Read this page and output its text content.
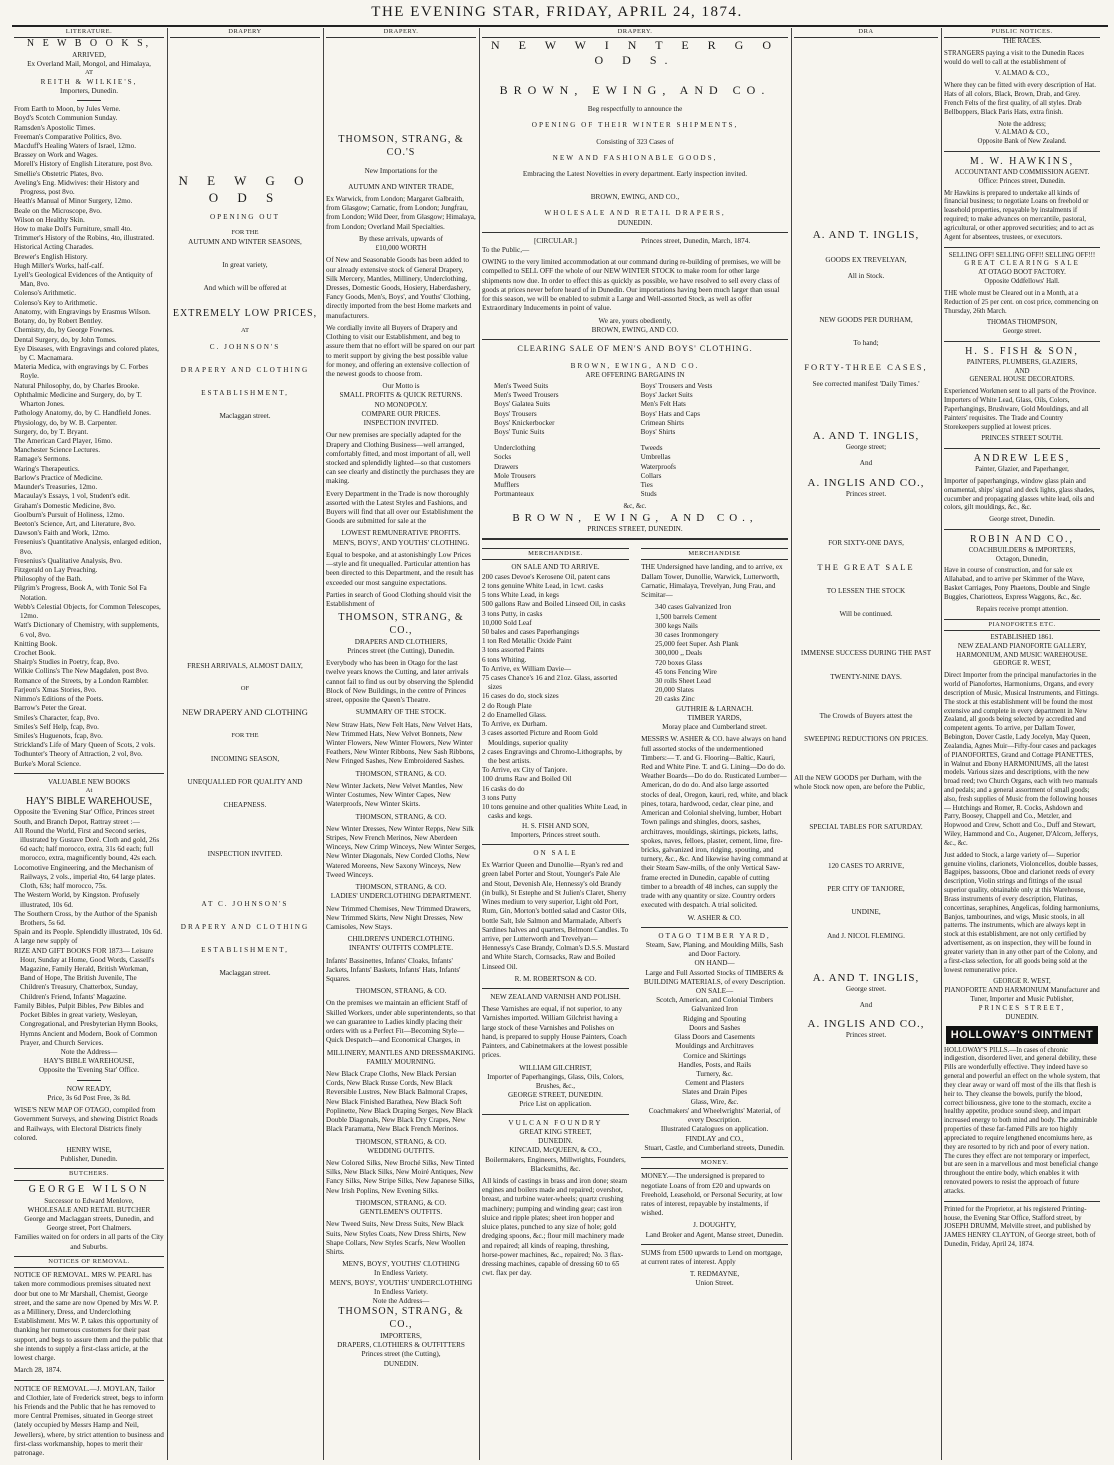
THE EVENING STAR, FRIDAY, APRIL 24, 1874.
LITERATURE.	DRAPERY	DRAPERY.	DRAPERY.	DRA	PUBLIC NOTICES.
N E W B O O K S,
ARRIVED,
Ex Overland Mail, Mongol, and Himalaya,
AT
REITH & WILKIE'S,
Importers, Dunedin.
From Earth to Moon, by Jules Verne.
Boyd's Scotch Communion Sunday.
Ramsden's Apostolic Times.
Freeman's Comparative Politics, 8vo.
Macduff's Healing Waters of Israel, 12mo.
Brassey on Work and Wages.
Morell's History of English Literature, post 8vo.
Smellie's Obstetric Plates, 8vo.
Aveling's Eng. Midwives: their History and Progress, post 8vo.
Heath's Manual of Minor Surgery, 12mo.
Beale on the Microscope, 8vo.
Wilson on Healthy Skin.
How to make Doll's Furniture, small 4to.
Trimmer's History of the Robins, 4to, illustrated.
Historical Acting Charades.
Brewer's English History.
Hugh Miller's Works, half-calf.
Lyell's Geological Evidences of the Antiquity of Man, 8vo.
Colenso's Arithmetic.
Colenso's Key to Arithmetic.
Anatomy, with Engravings by Erasmus Wilson.
Botany, do, by Robert Bentley.
Chemistry, do, by George Fownes.
Dental Surgery, do, by John Tomes.
Eye Diseases, with Engravings and colored plates, by C. Macnamara.
Materia Medica, with engravings by C. Forbes Royle.
Natural Philosophy, do, by Charles Brooke.
Ophthalmic Medicine and Surgery, do, by T. Wharton Jones.
Pathology Anatomy, do, by C. Handfield Jones.
Physiology, do, by W. B. Carpenter.
Surgery, do, by T. Bryant.
The American Card Player, 16mo.
Manchester Science Lectures.
Ramage's Sermons.
Waring's Therapeutics.
Barlow's Practice of Medicine.
Maunder's Treasuries, 12mo.
Macaulay's Essays, 1 vol, Student's edit.
Graham's Domestic Medicine, 8vo.
Goolburn's Pursuit of Holiness, 12mo.
Beeton's Science, Art, and Literature, 8vo.
Dawson's Faith and Work, 12mo.
Fresenius's Quantitative Analysis, enlarged edition, 8vo.
Fresenius's Qualitative Analysis, 8vo.
Fitzgerald on Lay Preaching.
Philosophy of the Bath.
Pilgrim's Progress, Book A, with Tonic Sol Fa Notation.
Webb's Celestial Objects, for Common Telescopes, 12mo.
Watt's Dictionary of Chemistry, with supplements, 6 vol, 8vo.
Knitting Book.
Crochet Book.
Shairp's Studies in Poetry, fcap, 8vo.
Wilkie Collins's The New Magdalen, post 8vo.
Romance of the Streets, by a London Rambler.
Farjeon's Xmas Stories, 8vo.
Nimmo's Editions of the Poets.
Barrow's Peter the Great.
Smiles's Character, fcap, 8vo.
Smiles's Self Help, fcap, 8vo.
Smiles's Huguenots, fcap, 8vo.
Strickland's Life of Mary Queen of Scots, 2 vols.
Todhunter's Theory of Attraction, 2 vol, 8vo.
Burke's Moral Science.
VALUABLE NEW BOOKS
At
HAY'S BIBLE WAREHOUSE,
Opposite the 'Evening Star' Office, Princes street South, and Branch Depot, Rattray street :—
All Round the World, First and Second series, illustrated by Gustave Doré. Cloth and gold, 26s 6d each; half morocco, extra, 31s 6d each; full morocco, extra, magnificently bound, 42s each.
Locomotive Engineering, and the Mechanism of Railways, 2 vols., imperial 4to, 64 large plates. Cloth, 63s; half morocco, 75s.
The Western World, by Kingston. Profusely illustrated, 10s 6d.
The Southern Cross, by the Author of the Spanish Brothers, 5s 6d.
Spain and its People. Splendidly illustrated, 10s 6d.
A large new supply of
RIZE AND GIFT BOOKS FOR 1873— Leisure Hour, Sunday at Home, Good Words, Cassell's Magazine, Family Herald, British Workman, Band of Hope, The British Juvenile, The Children's Treasury, Chatterbox, Sunday, Children's Friend, Infants' Magazine.
Family Bibles, Pulpit Bibles, Pew Bibles and Pocket Bibles in great variety, Wesleyan, Congregational, and Presbyterian Hymn Books, Hymns Ancient and Modern, Book of Common Prayer, and Church Services.
Note the Address—
HAY'S BIBLE WAREHOUSE,
Opposite the 'Evening Star' Office.
NOW READY,
Price, 3s 6d Post Free, 3s 8d.
WISE'S NEW MAP OF OTAGO, compiled from Government Surveys, and shewing District Roads and Railways, with Electoral Districts finely colored.
HENRY WISE,
Publisher, Dunedin.
BUTCHERS.
GEORGE WILSON
Successor to Edward Menlove,
WHOLESALE AND RETAIL BUTCHER
George and Maclaggan streets, Dunedin, and George street, Port Chalmers.
Families waited on for orders in all parts of the City and Suburbs.
NOTICES OF REMOVAL.
NOTICE OF REMOVAL. MRS W. PEARL has taken more commodious premises situated next door but one to Mr Marshall, Chemist, George street, and the same are now Opened by Mrs W. P. as a Millinery, Dress, and Underclothing Establishment. Mrs W. P. takes this opportunity of thanking her numerous customers for their past support, and begs to assure them and the public that she intends to supply a first-class article, at the lowest charge.
March 28, 1874.
NOTICE OF REMOVAL.—J. MOYLAN, Tailor and Clothier, late of Frederick street, begs to inform his Friends and the Public that he has removed to more Central Premises, situated in George street (lately occupied by Messrs Hamp and Neil, Jewellers), where, by strict attention to business and first-class workmanship, hopes to merit their patronage.
N E W G O O D S
OPENING OUT
FOR THE
AUTUMN AND WINTER SEASONS,
In great variety,
And which will be offered at
EXTREMELY LOW PRICES,
AT
C. JOHNSON'S
DRAPERY AND CLOTHING
ESTABLISHMENT,
Maclaggan street.
FRESH ARRIVALS, ALMOST DAILY,
OF
NEW DRAPERY AND CLOTHING
FOR THE
INCOMING SEASON,
UNEQUALLED FOR QUALITY AND
CHEAPNESS.
INSPECTION INVITED.
AT C. JOHNSON'S
DRAPERY AND CLOTHING
ESTABLISHMENT,
Maclaggan street.
THOMSON, STRANG, & CO.'S
New Importations for the
AUTUMN AND WINTER TRADE,
Ex Warwick, from London; Margaret Galbraith, from Glasgow; Carnatic, from London; Jungfrau, from London; Wild Deer, from Glasgow; Himalaya, from London; Overland Mail Specialties.
By these arrivals, upwards of
£10,000 WORTH
Of New and Seasonable Goods has been added to our already extensive stock of General Drapery, Silk Mercery, Mantles, Millinery, Underclothing, Dresses, Domestic Goods, Hosiery, Haberdashery, Fancy Goods, Men's, Boys', and Youths' Clothing, directly imported from the best Home markets and manufacturers.
We cordially invite all Buyers of Drapery and Clothing to visit our Establishment, and beg to assure them that no effort will be spared on our part to merit support by giving the best possible value for money, and offering an extensive collection of the newest goods to choose from.
Our Motto is
SMALL PROFITS & QUICK RETURNS.
NO MONOPOLY.
COMPARE OUR PRICES.
INSPECTION INVITED.
Our new premises are specially adapted for the Drapery and Clothing Business—well arranged, comfortably fitted, and most important of all, well stocked and splendidly lighted—so that customers can see clearly and distinctly the purchases they are making.
Every Department in the Trade is now thoroughly assorted with the Latest Styles and Fashions, and Buyers will find that all over our Establishment the Goods are submitted for sale at the
LOWEST REMUNERATIVE PROFITS.
MEN'S, BOYS', AND YOUTHS' CLOTHING.
Equal to bespoke, and at astonishingly Low Prices—style and fit unequalled. Particular attention has been directed to this Department, and the result has exceeded our most sanguine expectations.
Parties in search of Good Clothing should visit the Establishment of
THOMSON, STRANG, & CO.,
DRAPERS AND CLOTHIERS,
Princes street (the Cutting), Dunedin.
Everybody who has been in Otago for the last twelve years knows the Cutting, and later arrivals cannot fail to find us out by observing the Splendid Block of New Buildings, in the centre of Princes street, opposite the Queen's Theatre.
SUMMARY OF THE STOCK.
New Straw Hats, New Felt Hats, New Velvet Hats, New Trimmed Hats, New Velvet Bonnets, New Winter Flowers, New Winter Flowers, New Winter Feathers, New Winter Ribbons, New Sash Ribbons, New Fringed Sashes, New Embroidered Sashes.
THOMSON, STRANG, & CO.
New Winter Jackets, New Velvet Mantles, New Winter Costumes, New Winter Capes, New Waterproofs, New Winter Skirts.
THOMSON, STRANG, & CO.
New Winter Dresses, New Winter Repps, New Silk Stripes, New French Merinos, New Aberdeen Winceys, New Crimp Winceys, New Winter Serges, New Winter Diagonals, New Corded Cloths, New Watered Moreens, New Saxony Winceys, New Tweed Winceys.
THOMSON, STRANG, & CO.
LADIES' UNDERCLOTHING DEPARTMENT.
New Trimmed Chemises, New Trimmed Drawers, New Trimmed Skirts, New Night Dresses, New Camisoles, New Stays.
CHILDREN'S UNDERCLOTHING.
INFANTS' OUTFITS COMPLETE.
Infants' Bassinettes, Infants' Cloaks, Infants' Jackets, Infants' Baskets, Infants' Hats, Infants' Squares.
THOMSON, STRANG, & CO.
On the premises we maintain an efficient Staff of Skilled Workers, under able superintendents, so that we can guarantee to Ladies kindly placing their orders with us a Perfect Fit—Becoming Style—Quick Despatch—and Economical Charges, in
MILLINERY, MANTLES AND DRESSMAKING.
FAMILY MOURNING.
New Black Crape Cloths, New Black Persian Cords, New Black Russe Cords, New Black Reversible Lustres, New Black Balmoral Crapes, New Black Finished Barathea, New Black Soft Poplinette, New Black Draping Serges, New Black Double Diagonals, New Black Dry Crapes, New Black Paramatta, New Black French Merinos.
THOMSON, STRANG, & CO.
WEDDING OUTFITS.
New Colored Silks, New Broché Silks, New Tinted Silks, New Black Silks, New Moiré Antiques, New Fancy Silks, New Stripe Silks, New Japanese Silks, New Irish Poplins, New Evening Silks.
THOMSON, STRANG, & CO.
GENTLEMEN'S OUTFITS.
New Tweed Suits, New Dress Suits, New Black Suits, New Styles Coats, New Dress Shirts, New Shape Collars, New Styles Scarfs, New Woollen Shirts.
MEN'S, BOYS', YOUTHS' CLOTHING
In Endless Variety.
MEN'S, BOYS', YOUTHS' UNDERCLOTHING
In Endless Variety.
Note the Address—
THOMSON, STRANG, & CO.,
IMPORTERS,
DRAPERS, CLOTHIERS & OUTFITTERS
Princes street (the Cutting),
DUNEDIN.
N E W W I N T E R G O O D S.
BROWN, EWING, AND CO.
Beg respectfully to announce the
OPENING OF THEIR WINTER SHIPMENTS,
Consisting of 323 Cases of
NEW AND FASHIONABLE GOODS,
Embracing the Latest Novelties in every department. Early inspection invited.
BROWN, EWING, AND CO.,
WHOLESALE AND RETAIL DRAPERS,
DUNEDIN.
[CIRCULAR.]	Princes street, Dunedin, March, 1874.
To the Public,—
OWING to the very limited accommodation at our command during re-building of premises, we will be compelled to SELL OFF the whole of our NEW WINTER STOCK to make room for other large shipments now due. In order to effect this as quickly as possible, we have resolved to sell every class of goods at prices never before heard of in Dunedin. Our importations having been much larger than usual for this season, we will be enabled to submit a Large and Well-assorted Stock, as well as offer Extraordinary Inducements in point of value.
We are, yours obediently,
BROWN, EWING, AND CO.
CLEARING SALE OF MEN'S AND BOYS' CLOTHING.
BROWN, EWING, AND CO.
ARE OFFERING BARGAINS IN
Men's Tweed Suits
Men's Tweed Trousers
Boys' Galatea Suits
Boys' Trousers
Boys' Knickerbocker
Boys' Tunic Suits
Underclothing
Socks
Drawers
Mole Trousers
Mufflers
Portmanteaux
Boys' Trousers and Vests
Boys' Jacket Suits
Men's Felt Hats
Boys' Hats and Caps
Crimean Shirts
Boys' Shirts
Tweeds
Umbrellas
Waterproofs
Collars
Ties
Studs
&c, &c.
BROWN, EWING, AND CO.,
PRINCES STREET, DUNEDIN.
MERCHANDISE.
ON SALE AND TO ARRIVE.
200 cases Devoe's Kerosene Oil, patent cans
2 tons genuine White Lead, in 1cwt. casks
5 tons White Lead, in kegs
500 gallons Raw and Boiled Linseed Oil, in casks
3 tons Putty, in casks
10,000 Sold Leaf
50 bales and cases Paperhangings
1 ton Red Metallic Oxide Paint
3 tons assorted Paints
6 tons Whiting.
To Arrive, ex William Davie—
75 cases Chance's 16 and 21oz. Glass, assorted sizes
16 cases do do, stock sizes
2 do Rough Plate
2 do Enamelled Glass.
To Arrive, ex Durham.
3 cases assorted Picture and Room Gold Mouldings, superior quality
2 cases Engravings and Chromo-Lithographs, by the best artists.
To Arrive, ex City of Tanjore.
100 drums Raw and Boiled Oil
16 casks do do
3 tons Putty
10 tons genuine and other qualities White Lead, in casks and kegs.
H. S. FISH AND SON,
Importers, Princes street south.
ON SALE
Ex Warrior Queen and Dunollie—Ryan's red and green label Porter and Stout, Younger's Pale Ale and Stout, Devenish Ale, Hennessy's old Brandy (in bulk), St Estephe and St Julien's Claret, Sherry Wines medium to very superior, Light old Port, Rum, Gin, Morton's bottled salad and Castor Oils, bottle Salt, Isle Salmon and Marmalade, Albert's Sardines halves and quarters, Belmont Candles. To arrive, per Lutterworth and Trevelyan—Hennessy's Case Brandy, Colman's D.S.S. Mustard and White Starch, Cornsacks, Raw and Boiled Linseed Oil.
R. M. ROBERTSON & CO.
NEW ZEALAND VARNISH AND POLISH.
These Varnishes are equal, if not superior, to any Varnishes imported. William Gilchrist having a large stock of these Varnishes and Polishes on hand, is prepared to supply House Painters, Coach Painters, and Cabinetmakers at the lowest possible prices.
WILLIAM GILCHRIST,
Importer of Paperhangings, Glass, Oils, Colors, Brushes, &c.,
GEORGE STREET, DUNEDIN.
Price List on application.
VULCAN FOUNDRY
GREAT KING STREET,
DUNEDIN.
KINCAID, McQUEEN, & CO.,
Boilermakers, Engineers, Millwrights, Founders, Blacksmiths, &c.
All kinds of castings in brass and iron done; steam engines and boilers made and repaired; overshot, breast, and turbine water-wheels; quartz crushing machinery; pumping and winding gear; cast iron sluice and ripple plates; sheet iron hopper and sluice plates, punched to any size of hole; gold dredging spoons, &c.; flour mill machinery made and repaired; all kinds of reaping, threshing, horse-power machines, &c., repaired; No. 3 flax-dressing machines, capable of dressing 60 to 65 cwt. flax per day.
MERCHANDISE
THE Undersigned have landing, and to arrive, ex Dallam Tower, Dunollie, Warwick, Lutterworth, Carnatic, Himalaya, Trevelyan, Jung Frau, and Scimitar—
340 cases Galvanized Iron
1,500 barrels Cement
300 kegs Nails
30 cases Ironmongery
25,000 feet Super. Ash Plank
300,000 ,, Deals
720 boxes Glass
45 tons Fencing Wire
30 rolls Sheet Lead
20,000 Slates
20 casks Zinc
GUTHRIE & LARNACH.
TIMBER YARDS,
Moray place and Cumberland street.
MESSRS W. ASHER & CO. have always on hand full assorted stocks of the undermentioned Timbers:— T. and G. Flooring—Baltic, Kauri, Red and White Pine. T. and G. Lining—Do do do. Weather Boards—Do do do. Rusticated Lumber—American, do do do. And also large assorted stocks of deal, Oregon, kauri, red, white, and black pines, totara, hardwood, cedar, clear pine, and American and Colonial shelving, lumber, Hobart Town palings and shingles, doors, sashes, architraves, mouldings, skirtings, pickets, laths, spokes, naves, felloes, plaster, cement, lime, fire-bricks, galvanized iron, ridging, spouting, and turnery, &c., &c. And likewise having command at their Steam Saw-mills, of the only Vertical Saw-frame erected in Dunedin, capable of cutting timber to a breadth of 48 inches, can supply the trade with any quantity or size. Country orders executed with despatch. A trial solicited.
W. ASHER & CO.
OTAGO TIMBER YARD,
Steam, Saw, Planing, and Moulding Mills, Sash and Door Factory.
ON HAND—
Large and Full Assorted Stocks of TIMBERS & BUILDING MATERIALS, of every Description.
ON SALE—
Scotch, American, and Colonial Timbers
Galvanized Iron
Ridging and Spouting
Doors and Sashes
Glass Doors and Casements
Mouldings and Architraves
Cornice and Skirtings
Handles, Posts, and Rails
Turnery, &c.
Cement and Plasters
Slates and Drain Pipes
Glass, Wire, &c.
Coachmakers' and Wheelwrights' Material, of every Description.
Illustrated Catalogues on application.
FINDLAY and CO.,
Stuart, Castle, and Cumberland streets, Dunedin.
MONEY.
MONEY.—The undersigned is prepared to negotiate Loans of from £20 and upwards on Freehold, Leasehold, or Personal Security, at low rates of interest, repayable by instalments, if wished.
J. DOUGHTY,
Land Broker and Agent, Manse street, Dunedin.
SUMS from £500 upwards to Lend on mortgage, at current rates of interest. Apply
T. REDMAYNE,
Union Street.
A. AND T. INGLIS,
GOODS EX TREVELYAN,
All in Stock.
NEW GOODS PER DURHAM,
To hand;
FORTY-THREE CASES,
See corrected manifest 'Daily Times.'
A. AND T. INGLIS,
George street;
And
A. INGLIS AND CO.,
Princes street.
FOR SIXTY-ONE DAYS,
THE GREAT SALE
TO LESSEN THE STOCK
Will be continued.
IMMENSE SUCCESS DURING THE PAST
TWENTY-NINE DAYS.
The Crowds of Buyers attest the
SWEEPING REDUCTIONS ON PRICES.
All the NEW GOODS per Durham, with the whole Stock now open, are before the Public,
SPECIAL TABLES FOR SATURDAY.
120 CASES TO ARRIVE,
PER CITY OF TANJORE,
UNDINE,
And J. NICOL FLEMING.
A. AND T. INGLIS,
George street.
And
A. INGLIS AND CO.,
Princes street.
THE RACES.
STRANGERS paying a visit to the Dunedin Races would do well to call at the establishment of
V. ALMAO & CO.,
Where they can be fitted with every description of Hat. Hats of all colors, Black, Brown, Drab, and Grey. French Felts of the first quality, of all styles. Drab Bellboppers, Black Paris Hats, extra finish.
Note the address;
V. ALMAO & CO.,
Opposite Bank of New Zealand.
M. W. HAWKINS,
ACCOUNTANT AND COMMISSION AGENT.
Office: Princes street, Dunedin.
Mr Hawkins is prepared to undertake all kinds of financial business; to negotiate Loans on freehold or leasehold properties, repayable by instalments if required; to make advances on mercantile, pastoral, agricultural, or other approved securities; and to act as Agent for absentees, trustees, or executors.
SELLING OFF! SELLING OFF!! SELLING OFF!!!
GREAT CLEARING SALE
AT OTAGO BOOT FACTORY.
Opposite Oddfellows' Hall.
THE whole must be Cleared out in a Month, at a Reduction of 25 per cent. on cost price, commencing on Thursday, 26th March.
THOMAS THOMPSON,
George street.
H. S. FISH & SON,
PAINTERS, PLUMBERS, GLAZIERS,
AND
GENERAL HOUSE DECORATORS.
Experienced Workmen sent to all parts of the Province. Importers of White Lead, Glass, Oils, Colors, Paperhangings, Brushware, Gold Mouldings, and all Painters' requisites. The Trade and Country Storekeepers supplied at lowest prices.
PRINCES STREET SOUTH.
ANDREW LEES,
Painter, Glazier, and Paperhanger,
Importer of paperhangings, window glass plain and ornamental, ships' signal and deck lights, glass shades, cucumber and propagating glasses white lead, oils and colors, gilt mouldings, &c., &c.
George street, Dunedin.
ROBIN AND CO.,
COACHBUILDERS & IMPORTERS,
Octagon, Dunedin,
Have in course of construction, and for sale ex Allahabad, and to arrive per Skimmer of the Wave, Basket Carriages, Pony Phaetons, Double and Single Buggies, Chariotteos, Express Waggons, &c., &c.
Repairs receive prompt attention.
PIANOFORTES ETC.
ESTABLISHED 1861.
NEW ZEALAND PIANOFORTE GALLERY, HARMONIUM, AND MUSIC WAREHOUSE.
GEORGE R. WEST,
Direct Importer from the principal manufactories in the world of Pianofortes, Harmoniums, Organs, and every description of Music, Musical Instruments, and Fittings. The stock at this establishment will be found the most extensive and complete in every department in New Zealand, all goods being selected by accredited and competent agents. To arrive, per Dallam Tower, Bebington, Dover Castle, Lady Jocelyn, May Queen, Zealandia, Agnes Muir—Fifty-four cases and packages of PIANOFORTES, Grand and Cottage PIANETTES, in Walnut and Ebony HARMONIUMS, all the latest models. Various sizes and descriptions, with the new broad reed; two Church Organs, each with two manuals and pedals; and a general assortment of small goods; also, fresh supplies of Music from the following houses— Hutchings and Romer, R. Cocks, Ashdown and Parry, Boosey, Chappell and Co., Metzler, and Hopwood and Crew, Schott and Co., Duff and Stewart, Wiley, Hammond and Co., Augener, D'Alcorn, Jefferys, &c., &c.
Just added to Stock, a large variety of— Superior genuine violins, clarionets, Violoncellos, double basses, Bagpipes, bassoons, Oboe and clarionet reeds of every description, Violin strings and fittings of the usual superior quality, obtainable only at this Warehouse, Brass instruments of every description, Flutinas, concertinas, seraphines, Angelicas, folding harmoniums, Banjos, tambourines, and wigs, Music stools, in all patterns. The instruments, which are always kept in stock at this establishment, are not only certified by advertisement, as on inspection, they will be found in greater variety than in any other part of the Colony, and a first-class selection, for all goods being sold at the lowest remunerative price.
GEORGE R. WEST,
PIANOFORTE AND HARMONIUM Manufacturer and Tuner, Importer and Music Publisher,
PRINCES STREET,
DUNEDIN.
HOLLOWAY'S OINTMENT
HOLLOWAY'S PILLS.—In cases of chronic indigestion, disordered liver, and general debility, these Pills are wonderfully effective. They indeed have so general and powerful an effect on the whole system, that they clear away or ward off most of the ills that flesh is heir to. They cleanse the bowels, purify the blood, correct biliousness, give tone to the stomach, excite a healthy appetite, produce sound sleep, and impart increased energy to both mind and body. The admirable properties of these far-famed Pills are too highly appreciated to require lengthened encomiums here, as they are resorted to by rich and poor of every nation. The cures they effect are not temporary or imperfect, but are seen in a marvellous and most beneficial change throughout the entire body, which enables it with renovated powers to resist the approach of future attacks.
Printed for the Proprietor, at his registered Printing-house, the Evening Star Office, Stafford street, by JOSEPH DRUMM, Melville street, and published by JAMES HENRY CLAYTON, of George street, both of Dunedin, Friday, April 24, 1874.
